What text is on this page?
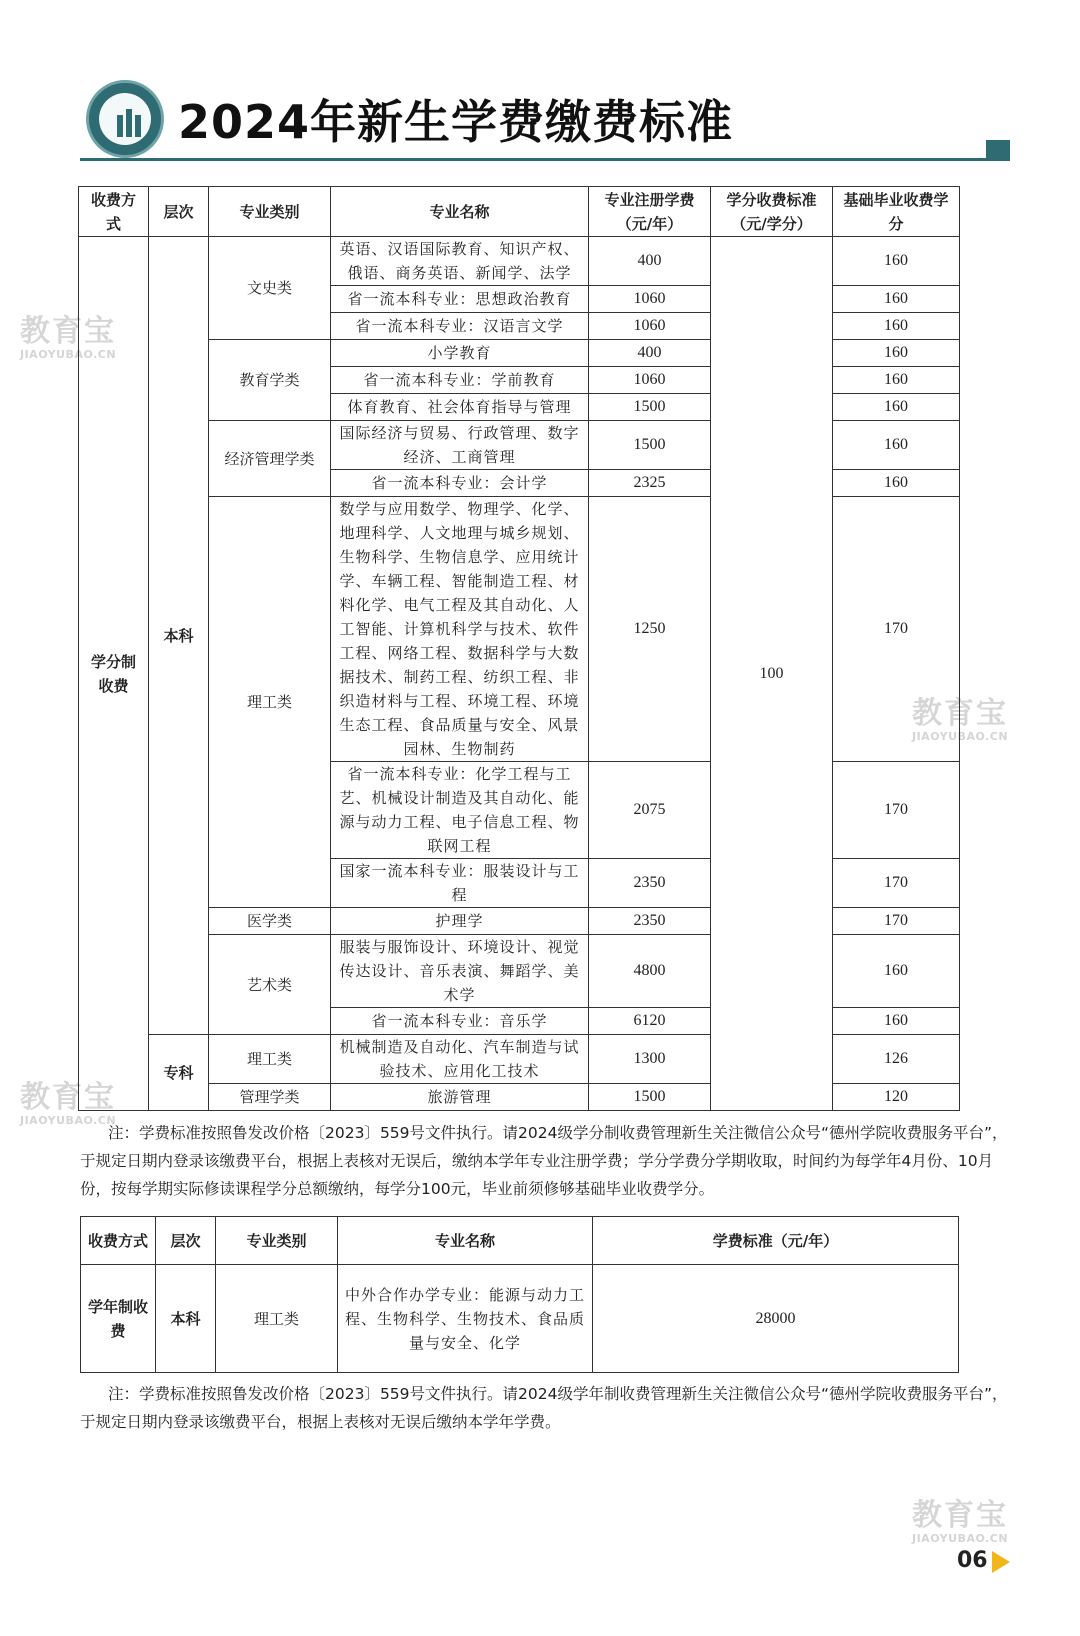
2024年新生学费缴费标准
教育宝
JIAOYUBAO.CN
教育宝
JIAOYUBAO.CN
教育宝
JIAOYUBAO.CN
教育宝
JIAOYUBAO.CN
收费方式	层次	专业类别	专业名称	专业注册学费（元/年）	学分收费标准（元/学分）	基础毕业收费学分
学分制收费	本科	文史类	英语、汉语国际教育、知识产权、俄语、商务英语、新闻学、法学	400	100	160
			省一流本科专业：思想政治教育	1060		160
			省一流本科专业：汉语言文学	1060		160
		教育学类	小学教育	400		160
			省一流本科专业：学前教育	1060		160
			体育教育、社会体育指导与管理	1500		160
		经济管理学类	国际经济与贸易、行政管理、数字经济、工商管理	1500		160
			省一流本科专业：会计学	2325		160
		理工类	数学与应用数学、物理学、化学、地理科学、人文地理与城乡规划、生物科学、生物信息学、应用统计学、车辆工程、智能制造工程、材料化学、电气工程及其自动化、人工智能、计算机科学与技术、软件工程、网络工程、数据科学与大数据技术、制药工程、纺织工程、非织造材料与工程、环境工程、环境生态工程、食品质量与安全、风景园林、生物制药	1250		170
			省一流本科专业：化学工程与工艺、机械设计制造及其自动化、能源与动力工程、电子信息工程、物联网工程	2075		170
			国家一流本科专业：服装设计与工程	2350		170
		医学类	护理学	2350		170
		艺术类	服装与服饰设计、环境设计、视觉传达设计、音乐表演、舞蹈学、美术学	4800		160
			省一流本科专业：音乐学	6120		160
	专科	理工类	机械制造及自动化、汽车制造与试验技术、应用化工技术	1300		126
		管理学类	旅游管理	1500		120
注：学费标准按照鲁发改价格〔2023〕559号文件执行。请2024级学分制收费管理新生关注微信公众号“德州学院收费服务平台”，于规定日期内登录该缴费平台，根据上表核对无误后，缴纳本学年专业注册学费；学分学费分学期收取，时间约为每学年4月份、10月份，按每学期实际修读课程学分总额缴纳，每学分100元，毕业前须修够基础毕业收费学分。
收费方式	层次	专业类别	专业名称	学费标准（元/年）
学年制收费	本科	理工类	中外合作办学专业：能源与动力工程、生物科学、生物技术、食品质量与安全、化学	28000
注：学费标准按照鲁发改价格〔2023〕559号文件执行。请2024级学年制收费管理新生关注微信公众号“德州学院收费服务平台”，于规定日期内登录该缴费平台，根据上表核对无误后缴纳本学年学费。
06
